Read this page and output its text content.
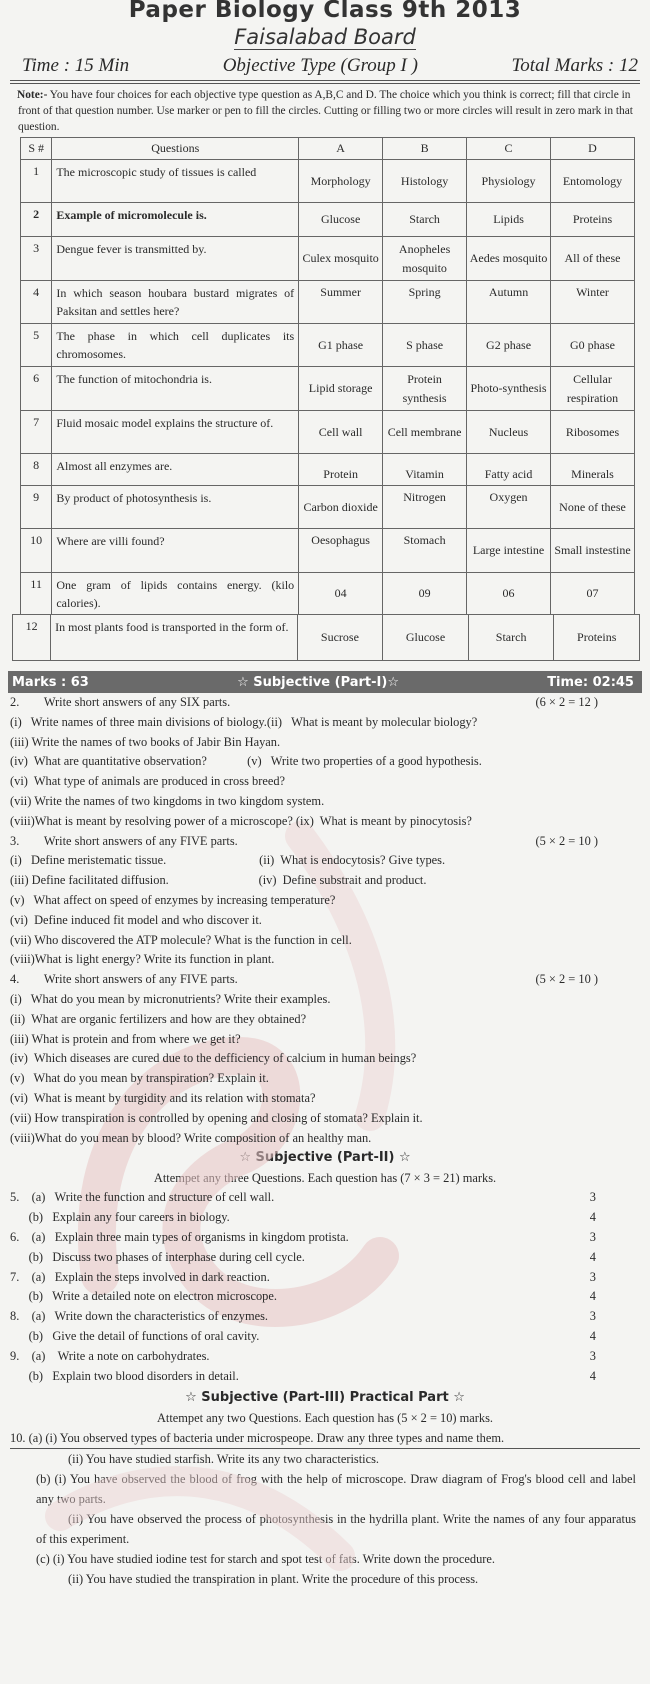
Paper Biology Class 9th 2013
Faisalabad Board
Time : 15 Min	Objective Type (Group I )	Total Marks : 12
Note:- You have four choices for each objective type question as A,B,C and D. The choice which you think is correct; fill that circle in front of that question number. Use marker or pen to fill the circles. Cutting or filling two or more circles will result in zero mark in that question.
S #	Questions	A	B	C	D
1	The microscopic study of tissues is called	Morphology	Histology	Physiology	Entomology
2	Example of micromolecule is.	Glucose	Starch	Lipids	Proteins
3	Dengue fever is transmitted by.	Culex mosquito	Anopheles mosquito	Aedes mosquito	All of these
4	In which season houbara bustard migrates of Paksitan and settles here?	Summer	Spring	Autumn	Winter
5	The phase in which cell duplicates its chromosomes.	G1 phase	S phase	G2 phase	G0 phase
6	The function of mitochondria is.	Lipid storage	Protein synthesis	Photo-synthesis	Cellular respiration
7	Fluid mosaic model explains the structure of.	Cell wall	Cell membrane	Nucleus	Ribosomes
8	Almost all enzymes are.	Protein	Vitamin	Fatty acid	Minerals
9	By product of photosynthesis is.	Carbon dioxide	Nitrogen	Oxygen	None of these
10	Where are villi found?	Oesophagus	Stomach	Large intestine	Small instestine
11	One gram of lipids contains energy. (kilo calories).	04	09	06	07
12	In most plants food is transported in the form of.	Sucrose	Glucose	Starch	Proteins
Marks : 63	☆ Subjective (Part-I)☆	Time: 02:45
2.        Write short answers of any SIX parts.	(6 × 2 = 12 )
(i)   Write names of three main divisions of biology.(ii)   What is meant by molecular biology?
(iii) Write the names of two books of Jabir Bin Hayan.
(iv)  What are quantitative observation?             (v)   Write two properties of a good hypothesis.
(vi)  What type of animals are produced in cross breed?
(vii) Write the names of two kingdoms in two kingdom system.
(viii)What is meant by resolving power of a microscope? (ix)  What is meant by pinocytosis?
3.        Write short answers of any FIVE parts.	(5 × 2 = 10 )
(i)   Define meristematic tissue.                              (ii)  What is endocytosis? Give types.
(iii) Define facilitated diffusion.                             (iv)  Define substrait and product.
(v)   What affect on speed of enzymes by increasing temperature?
(vi)  Define induced fit model and who discover it.
(vii) Who discovered the ATP molecule? What is the function in cell.
(viii)What is light energy? Write its function in plant.
4.        Write short answers of any FIVE parts.	(5 × 2 = 10 )
(i)   What do you mean by micronutrients? Write their examples.
(ii)  What are organic fertilizers and how are they obtained?
(iii) What is protein and from where we get it?
(iv)  Which diseases are cured due to the defficiency of calcium in human beings?
(v)   What do you mean by transpiration? Explain it.
(vi)  What is meant by turgidity and its relation with stomata?
(vii) How transpiration is controlled by opening and closing of stomata? Explain it.
(viii)What do you mean by blood? Write composition of an healthy man.
☆ Subjective (Part-II) ☆
Attempet any three Questions. Each question has (7 × 3 = 21) marks.
5.    (a)   Write the function and structure of cell wall.	3
(b)   Explain any four careers in biology.	4
6.    (a)   Explain three main types of organisms in kingdom protista.	3
(b)   Discuss two phases of interphase during cell cycle.	4
7.    (a)   Explain the steps involved in dark reaction.	3
(b)   Write a detailed note on electron microscope.	4
8.    (a)   Write down the characteristics of enzymes.	3
(b)   Give the detail of functions of oral cavity.	4
9.    (a)    Write a note on carbohydrates.	3
(b)   Explain two blood disorders in detail.	4
☆ Subjective (Part-III) Practical Part ☆
Attempet any two Questions. Each question has (5 × 2 = 10) marks.
10. (a) (i) You observed types of bacteria under microspeope. Draw any three types and name them.
(ii) You have studied starfish. Write its any two characteristics.
(b) (i) You have observed the blood of frog with the help of microscope. Draw diagram of Frog's blood cell and label any two parts.
(ii) You have observed the process of photosynthesis in the hydrilla plant. Write the names of any four apparatus of this experiment.
(c) (i) You have studied iodine test for starch and spot test of fats. Write down the procedure.
(ii) You have studied the transpiration in plant. Write the procedure of this process.
